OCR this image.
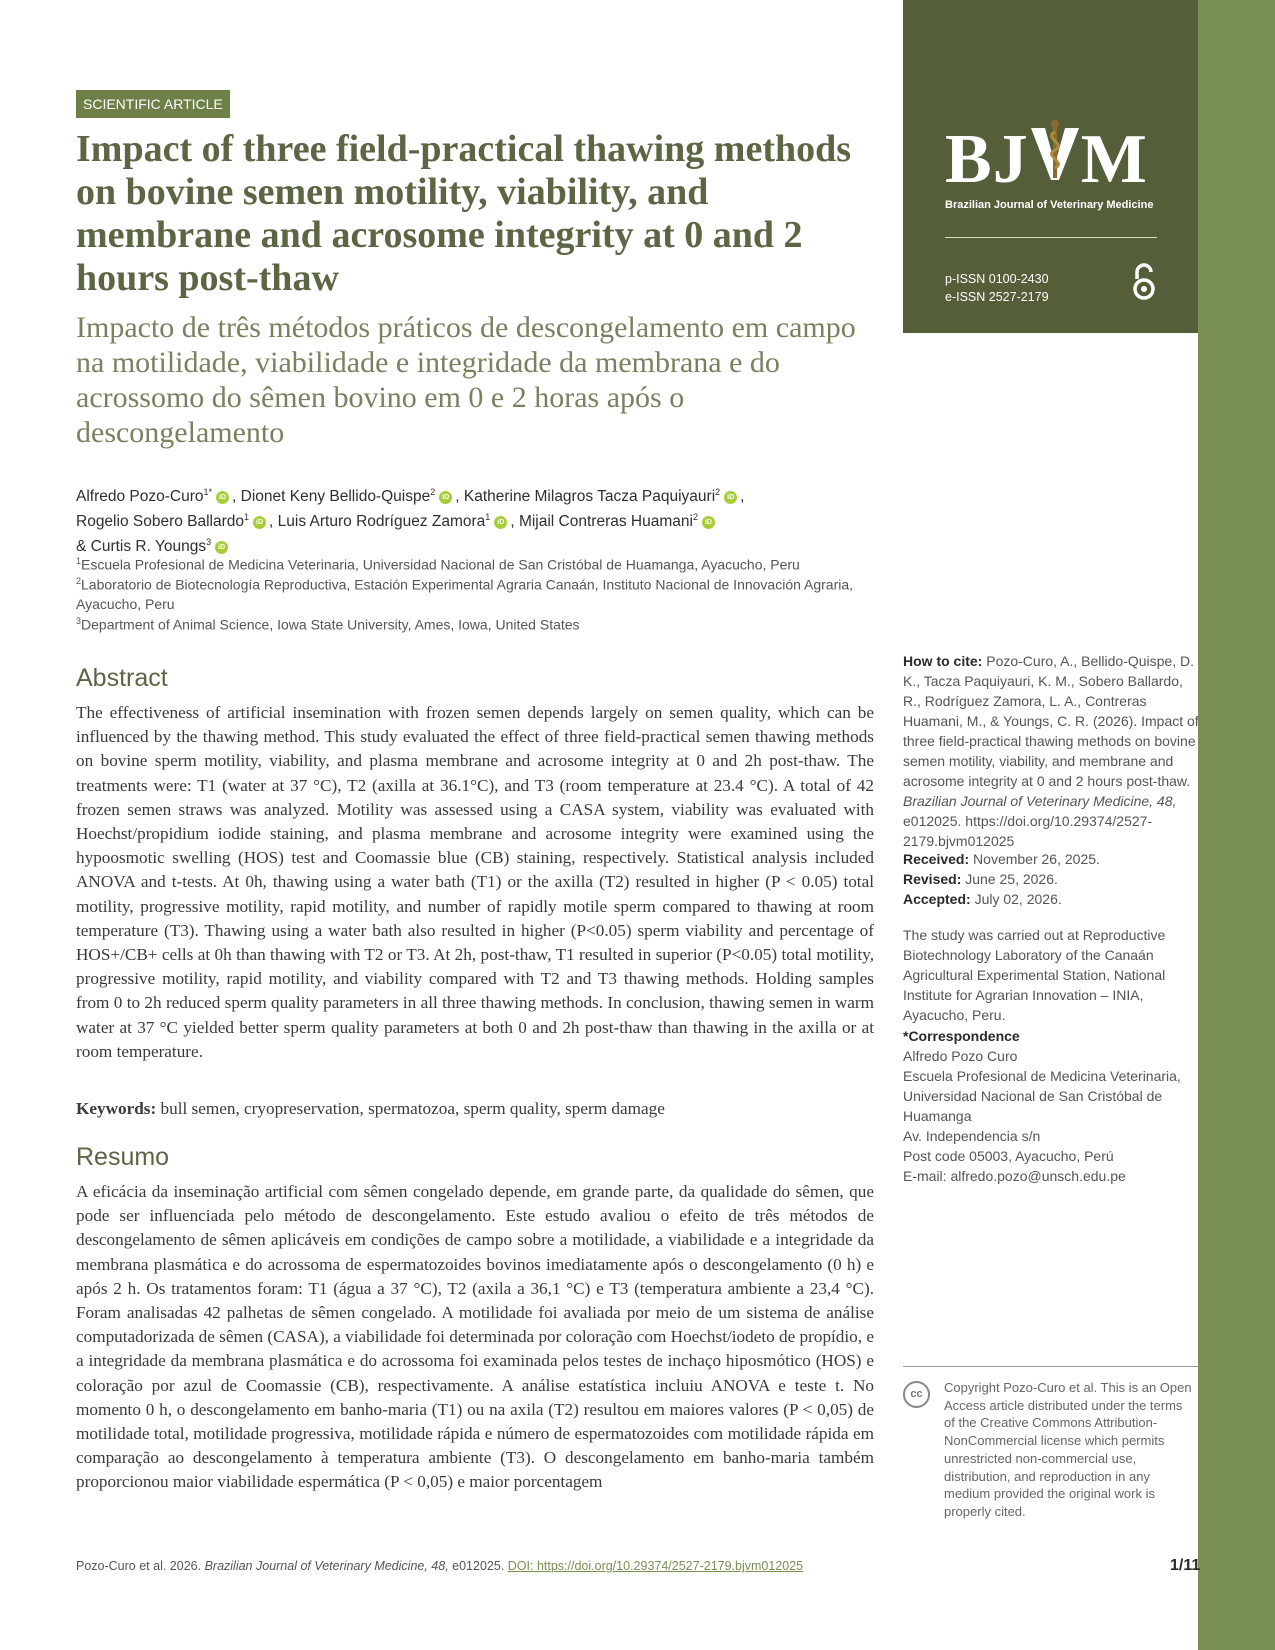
BJ M
Brazilian Journal of Veterinary Medicine
p-ISSN 0100-2430
e-ISSN 2527-2179
SCIENTIFIC ARTICLE
Impact of three field-practical thawing methods on bovine semen motility, viability, and membrane and acrosome integrity at 0 and 2 hours post-thaw
Impacto de três métodos práticos de descongelamento em campo na motilidade, viabilidade e integridade da membrana e do acrossomo do sêmen bovino em 0 e 2 horas após o descongelamento
Alfredo Pozo-Curo$^{1*}$iD , Dionet Keny Bellido-Quispe$^2$iD , Katherine Milagros Tacza Paquiyauri$^2$iD ,
Rogelio Sobero Ballardo$^1$iD , Luis Arturo Rodríguez Zamora$^1$iD , Mijail Contreras Huamani$^2$iD
& Curtis R. Youngs$^3$iD
$^1$Escuela Profesional de Medicina Veterinaria, Universidad Nacional de San Cristóbal de Huamanga, Ayacucho, Peru
$^2$Laboratorio de Biotecnología Reproductiva, Estación Experimental Agraria Canaán, Instituto Nacional de Innovación Agraria, Ayacucho, Peru
$^3$Department of Animal Science, Iowa State University, Ames, Iowa, United States
Abstract

The effectiveness of artificial insemination with frozen semen depends largely on semen quality, which can be influenced by the thawing method. This study evaluated the effect of three field-practical semen thawing methods on bovine sperm motility, viability, and plasma membrane and acrosome integrity at 0 and 2h post-thaw. The treatments were: T1 (water at 37 °C), T2 (axilla at 36.1°C), and T3 (room temperature at 23.4 °C). A total of 42 frozen semen straws was analyzed. Motility was assessed using a CASA system, viability was evaluated with Hoechst/propidium iodide staining, and plasma membrane and acrosome integrity were examined using the hypoosmotic swelling (HOS) test and Coomassie blue (CB) staining, respectively. Statistical analysis included ANOVA and t-tests. At 0h, thawing using a water bath (T1) or the axilla (T2) resulted in higher (P < 0.05) total motility, progressive motility, rapid motility, and number of rapidly motile sperm compared to thawing at room temperature (T3). Thawing using a water bath also resulted in higher (P<0.05) sperm viability and percentage of HOS+/CB+ cells at 0h than thawing with T2 or T3. At 2h, post-thaw, T1 resulted in superior (P<0.05) total motility, progressive motility, rapid motility, and viability compared with T2 and T3 thawing methods. Holding samples from 0 to 2h reduced sperm quality parameters in all three thawing methods. In conclusion, thawing semen in warm water at 37 °C yielded better sperm quality parameters at both 0 and 2h post-thaw than thawing in the axilla or at room temperature.

Keywords: bull semen, cryopreservation, spermatozoa, sperm quality, sperm damage
Resumo

A eficácia da inseminação artificial com sêmen congelado depende, em grande parte, da qualidade do sêmen, que pode ser influenciada pelo método de descongelamento. Este estudo avaliou o efeito de três métodos de descongelamento de sêmen aplicáveis em condições de campo sobre a motilidade, a viabilidade e a integridade da membrana plasmática e do acrossoma de espermatozoides bovinos imediatamente após o descongelamento (0 h) e após 2 h. Os tratamentos foram: T1 (água a 37 °C), T2 (axila a 36,1 °C) e T3 (temperatura ambiente a 23,4 °C). Foram analisadas 42 palhetas de sêmen congelado. A motilidade foi avaliada por meio de um sistema de análise computadorizada de sêmen (CASA), a viabilidade foi determinada por coloração com Hoechst/iodeto de propídio, e a integridade da membrana plasmática e do acrossoma foi examinada pelos testes de inchaço hiposmótico (HOS) e coloração por azul de Coomassie (CB), respectivamente. A análise estatística incluiu ANOVA e teste t. No momento 0 h, o descongelamento em banho-maria (T1) ou na axila (T2) resultou em maiores valores (P < 0,05) de motilidade total, motilidade progressiva, motilidade rápida e número de espermatozoides com motilidade rápida em comparação ao descongelamento à temperatura ambiente (T3). O descongelamento em banho-maria também proporcionou maior viabilidade espermática (P < 0,05) e maior porcentagem

How to cite: Pozo-Curo, A., Bellido-Quispe, D. K., Tacza Paquiyauri, K. M., Sobero Ballardo, R., Rodríguez Zamora, L. A., Contreras Huamani, M., & Youngs, C. R. (2026). Impact of three field-practical thawing methods on bovine semen motility, viability, and membrane and acrosome integrity at 0 and 2 hours post-thaw. Brazilian Journal of Veterinary Medicine, 48, e012025. https://doi.org/10.29374/2527-2179.bjvm012025
Received: November 26, 2025.
Revised: June 25, 2026.
Accepted: July 02, 2026.
The study was carried out at Reproductive Biotechnology Laboratory of the Canaán Agricultural Experimental Station, National Institute for Agrarian Innovation – INIA, Ayacucho, Peru.
*Correspondence
Alfredo Pozo Curo
Escuela Profesional de Medicina Veterinaria, Universidad Nacional de San Cristóbal de Huamanga
Av. Independencia s/n
Post code 05003, Ayacucho, Perú
E-mail: alfredo.pozo@unsch.edu.pe
cc	Copyright Pozo-Curo et al. This is an Open Access article distributed under the terms of the Creative Commons Attribution-NonCommercial license which permits unrestricted non-commercial use, distribution, and reproduction in any medium provided the original work is properly cited.
Pozo-Curo et al. 2026. Brazilian Journal of Veterinary Medicine, 48, e012025. DOI: https://doi.org/10.29374/2527-2179.bjvm012025	1/11
